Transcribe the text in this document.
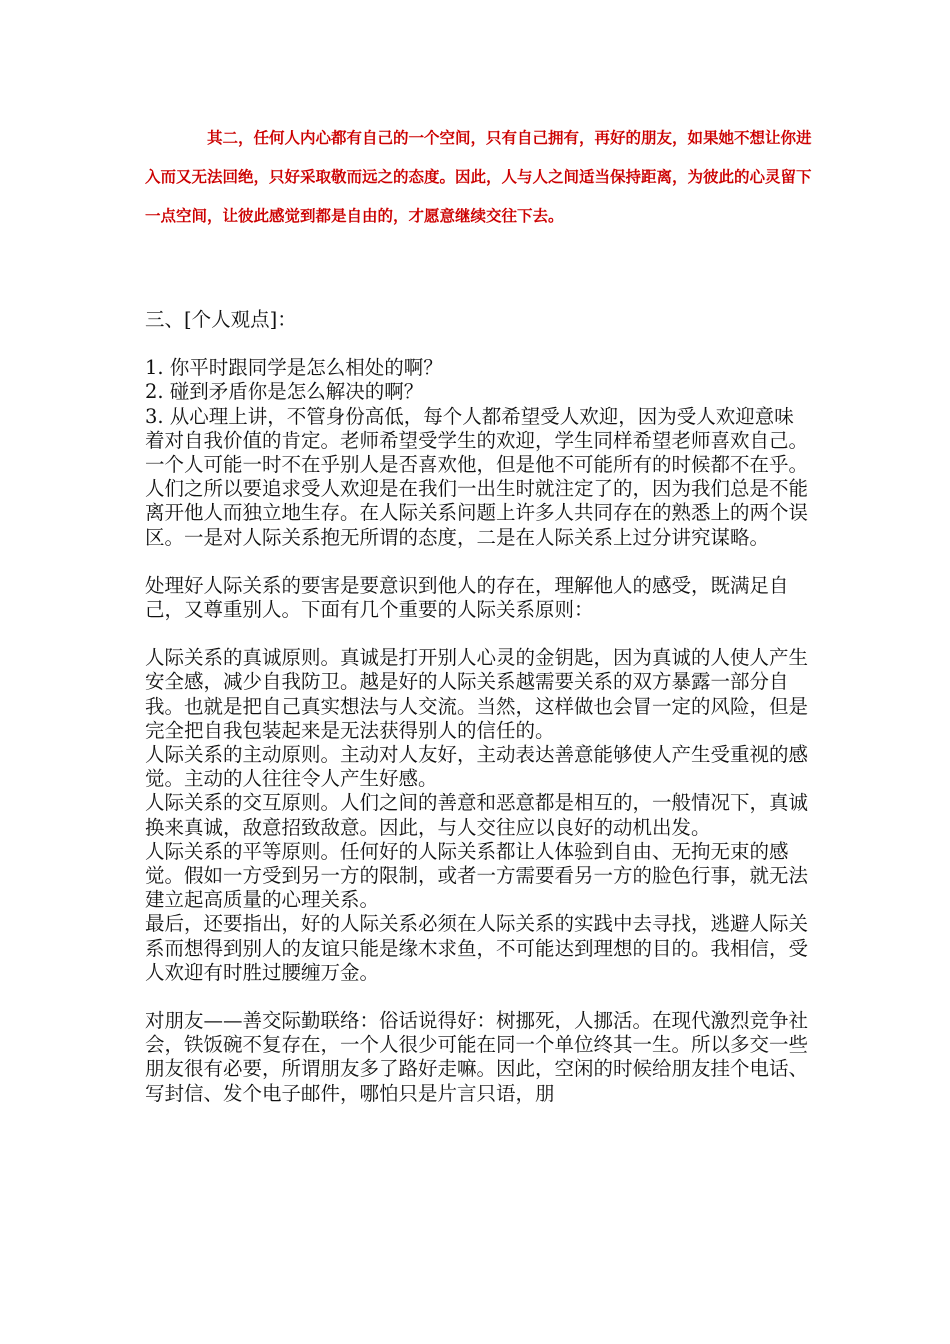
其二，任何人内心都有自己的一个空间，只有自己拥有，再好的朋友，如果她不想让你进入而又无法回绝，只好采取敬而远之的态度。因此，人与人之间适当保持距离，为彼此的心灵留下一点空间，让彼此感觉到都是自由的，才愿意继续交往下去。

三、[个人观点]：

1. 你平时跟同学是怎么相处的啊？

2. 碰到矛盾你是怎么解决的啊？

3. 从心理上讲，不管身份高低，每个人都希望受人欢迎，因为受人欢迎意味着对自我价值的肯定。老师希望受学生的欢迎，学生同样希望老师喜欢自己。一个人可能一时不在乎别人是否喜欢他，但是他不可能所有的时候都不在乎。人们之所以要追求受人欢迎是在我们一出生时就注定了的，因为我们总是不能离开他人而独立地生存。在人际关系问题上许多人共同存在的熟悉上的两个误区。一是对人际关系抱无所谓的态度，二是在人际关系上过分讲究谋略。

处理好人际关系的要害是要意识到他人的存在，理解他人的感受，既满足自己，又尊重别人。下面有几个重要的人际关系原则：

人际关系的真诚原则。真诚是打开别人心灵的金钥匙，因为真诚的人使人产生安全感，减少自我防卫。越是好的人际关系越需要关系的双方暴露一部分自我。也就是把自己真实想法与人交流。当然，这样做也会冒一定的风险，但是完全把自我包装起来是无法获得别人的信任的。

人际关系的主动原则。主动对人友好，主动表达善意能够使人产生受重视的感觉。主动的人往往令人产生好感。

人际关系的交互原则。人们之间的善意和恶意都是相互的，一般情况下，真诚换来真诚，敌意招致敌意。因此，与人交往应以良好的动机出发。

人际关系的平等原则。任何好的人际关系都让人体验到自由、无拘无束的感觉。假如一方受到另一方的限制，或者一方需要看另一方的脸色行事，就无法建立起高质量的心理关系。

最后，还要指出，好的人际关系必须在人际关系的实践中去寻找，逃避人际关系而想得到别人的友谊只能是缘木求鱼，不可能达到理想的目的。我相信，受人欢迎有时胜过腰缠万金。

对朋友——善交际勤联络：俗话说得好：树挪死，人挪活。在现代激烈竞争社会，铁饭碗不复存在，一个人很少可能在同一个单位终其一生。所以多交一些朋友很有必要，所谓朋友多了路好走嘛。因此，空闲的时候给朋友挂个电话、写封信、发个电子邮件，哪怕只是片言只语，朋
